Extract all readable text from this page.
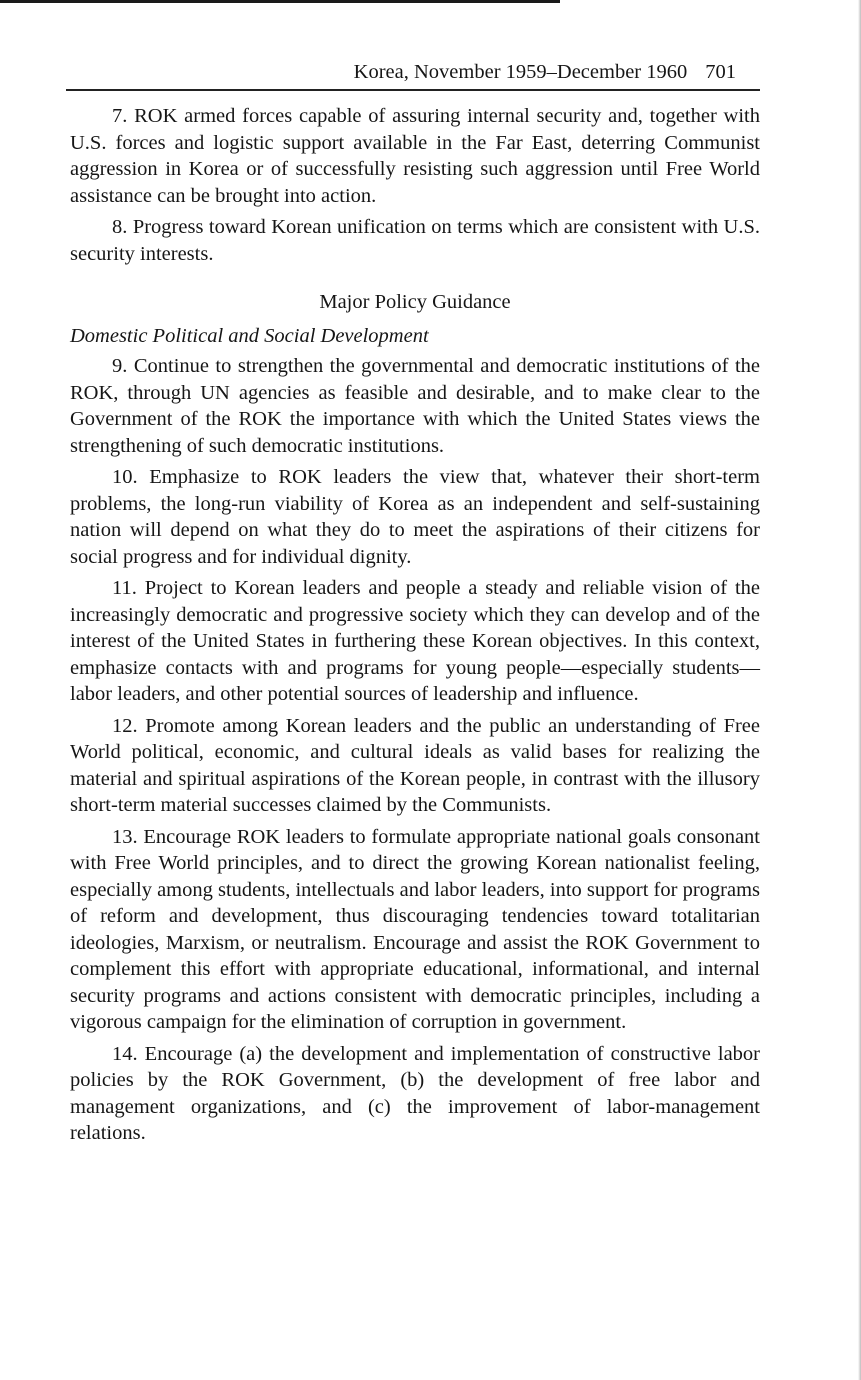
Korea, November 1959–December 1960 701

7. ROK armed forces capable of assuring internal security and, together with U.S. forces and logistic support available in the Far East, deterring Communist aggression in Korea or of successfully resisting such aggression until Free World assistance can be brought into action.

8. Progress toward Korean unification on terms which are consistent with U.S. security interests.

Major Policy Guidance
Domestic Political and Social Development

9. Continue to strengthen the governmental and democratic institutions of the ROK, through UN agencies as feasible and desirable, and to make clear to the Government of the ROK the importance with which the United States views the strengthening of such democratic institutions.

10. Emphasize to ROK leaders the view that, whatever their short-term problems, the long-run viability of Korea as an independent and self-sustaining nation will depend on what they do to meet the aspirations of their citizens for social progress and for individual dignity.

11. Project to Korean leaders and people a steady and reliable vision of the increasingly democratic and progressive society which they can develop and of the interest of the United States in furthering these Korean objectives. In this context, emphasize contacts with and programs for young people—especially students—labor leaders, and other potential sources of leadership and influence.

12. Promote among Korean leaders and the public an understanding of Free World political, economic, and cultural ideals as valid bases for realizing the material and spiritual aspirations of the Korean people, in contrast with the illusory short-term material successes claimed by the Communists.

13. Encourage ROK leaders to formulate appropriate national goals consonant with Free World principles, and to direct the growing Korean nationalist feeling, especially among students, intellectuals and labor leaders, into support for programs of reform and development, thus discouraging tendencies toward totalitarian ideologies, Marxism, or neutralism. Encourage and assist the ROK Government to complement this effort with appropriate educational, informational, and internal security programs and actions consistent with democratic principles, including a vigorous campaign for the elimination of corruption in government.

14. Encourage (a) the development and implementation of constructive labor policies by the ROK Government, (b) the development of free labor and management organizations, and (c) the improvement of labor-management relations.
